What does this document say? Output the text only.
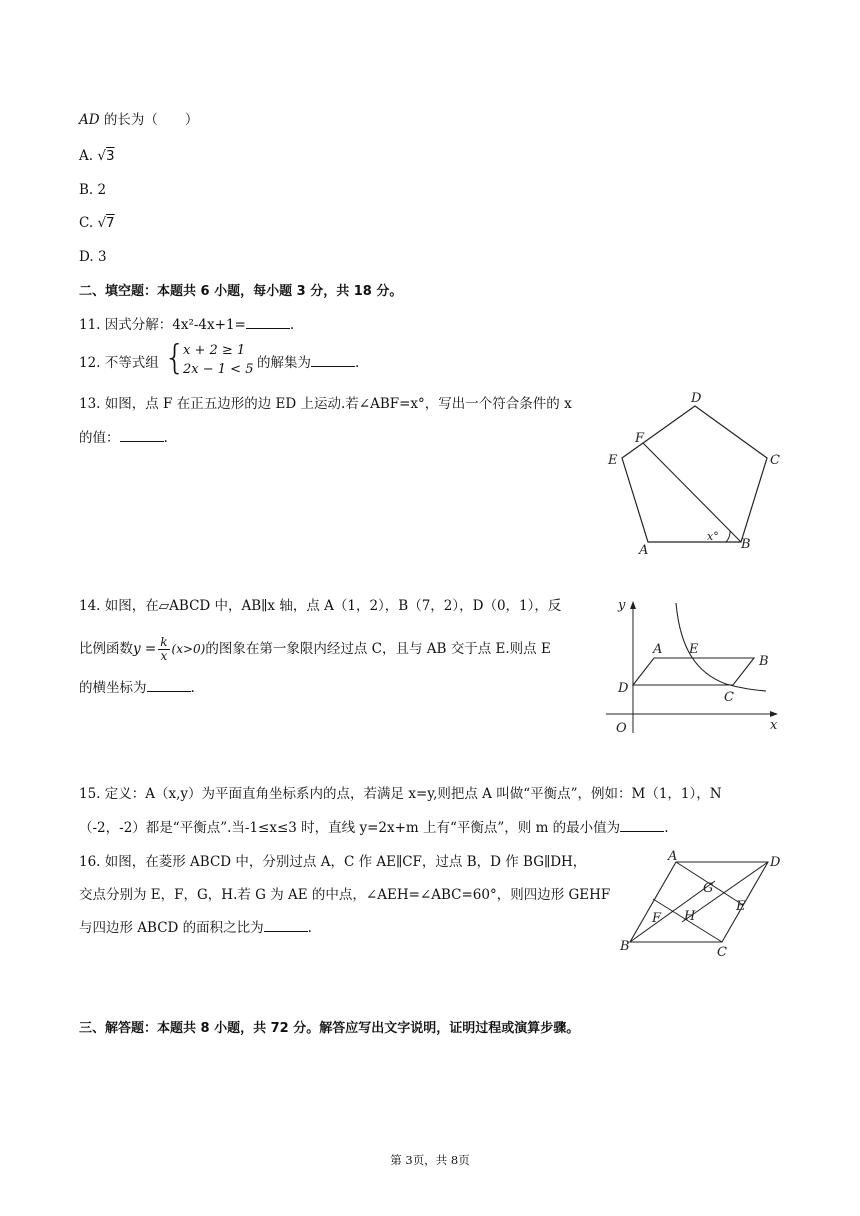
AD 的长为（　　）
A. √3
B. 2
C. √7
D. 3
二、填空题：本题共 6 小题，每小题 3 分，共 18 分。
11. 因式分解：4x²-4x+1=	.
12. 不等式组 {
x + 2 ≥ 1
2x − 1 < 5 的解集为	.
13. 如图，点 F 在正五边形的边 ED 上运动.若∠ABF=x°，写出一个符合条件的 x
的值：	.
D
C
E
F
A	B
x°
14. 如图，在▱ABCD 中，AB∥x 轴，点 A（1，2），B（7，2），D（0，1），反
比例函数$y = \frac{k}{x} (x>0)$的图象在第一象限内经过点 C，且与 AB 交于点 E.则点 E
的横坐标为	.
y
x
O
A E
B
D
C
15. 定义：A（x,y）为平面直角坐标系内的点，若满足 x=y,则把点 A 叫做“平衡点”，例如：M（1，1），N
（-2，-2）都是“平衡点”.当-1≤x≤3 时，直线 y=2x+m 上有“平衡点”，则 m 的最小值为	.
16. 如图，在菱形 ABCD 中，分别过点 A，C 作 AE∥CF，过点 B，D 作 BG∥DH，
交点分别为 E，F，G，H.若 G 为 AE 的中点，∠AEH=∠ABC=60°，则四边形 GEHF
与四边形 ABCD 的面积之比为	.
A	D
G
E
F H
B	C
三、解答题：本题共 8 小题，共 72 分。解答应写出文字说明，证明过程或演算步骤。
第 3页，共 8页
